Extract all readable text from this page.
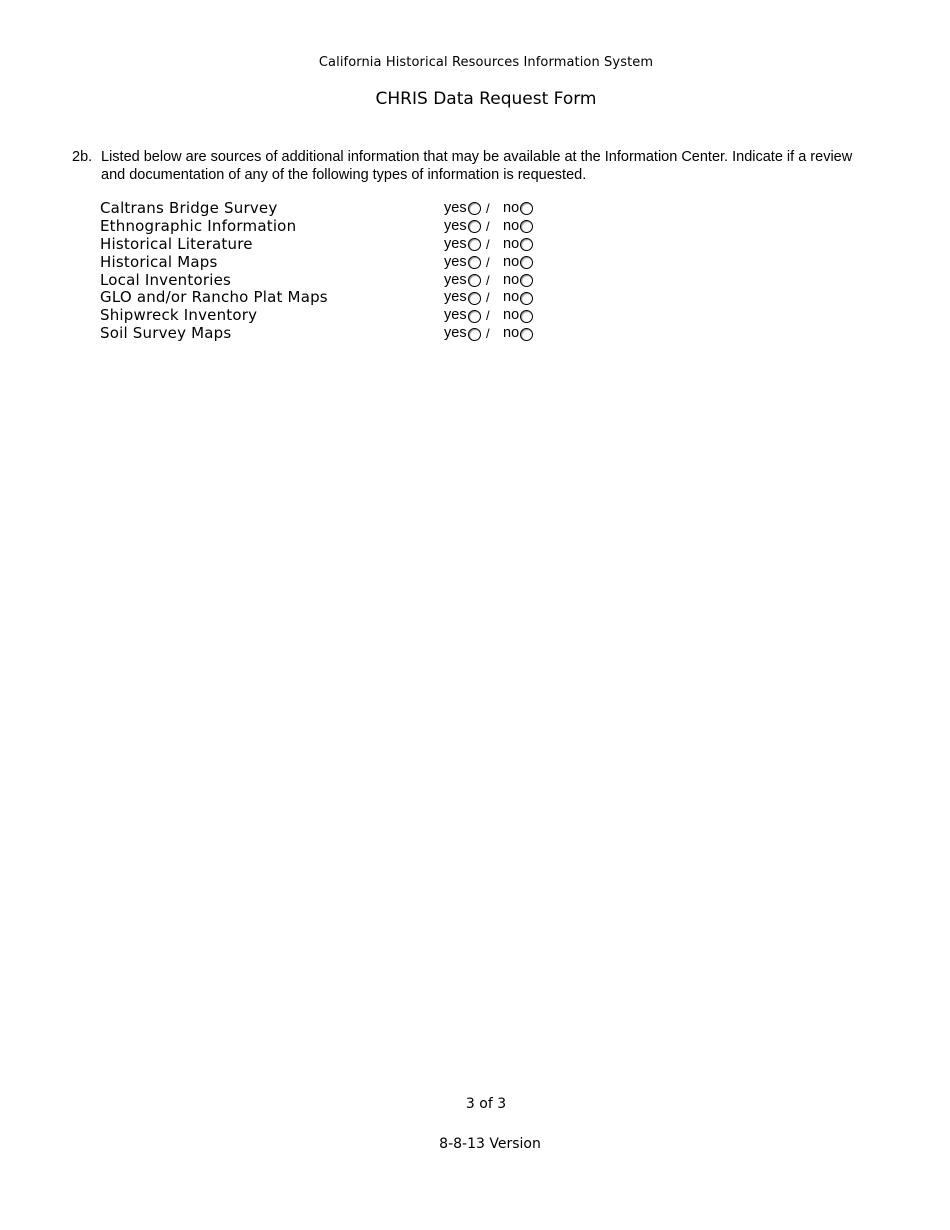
California Historical Resources Information System
CHRIS Data Request Form
2b. Listed below are sources of additional information that may be available at the Information Center. Indicate if a review and documentation of any of the following types of information is requested.
Caltrans Bridge Survey	yes / no
Ethnographic Information	yes / no
Historical Literature	yes / no
Historical Maps	yes / no
Local Inventories	yes / no
GLO and/or Rancho Plat Maps	yes / no
Shipwreck Inventory	yes / no
Soil Survey Maps	yes / no
3 of 3
8-8-13 Version
